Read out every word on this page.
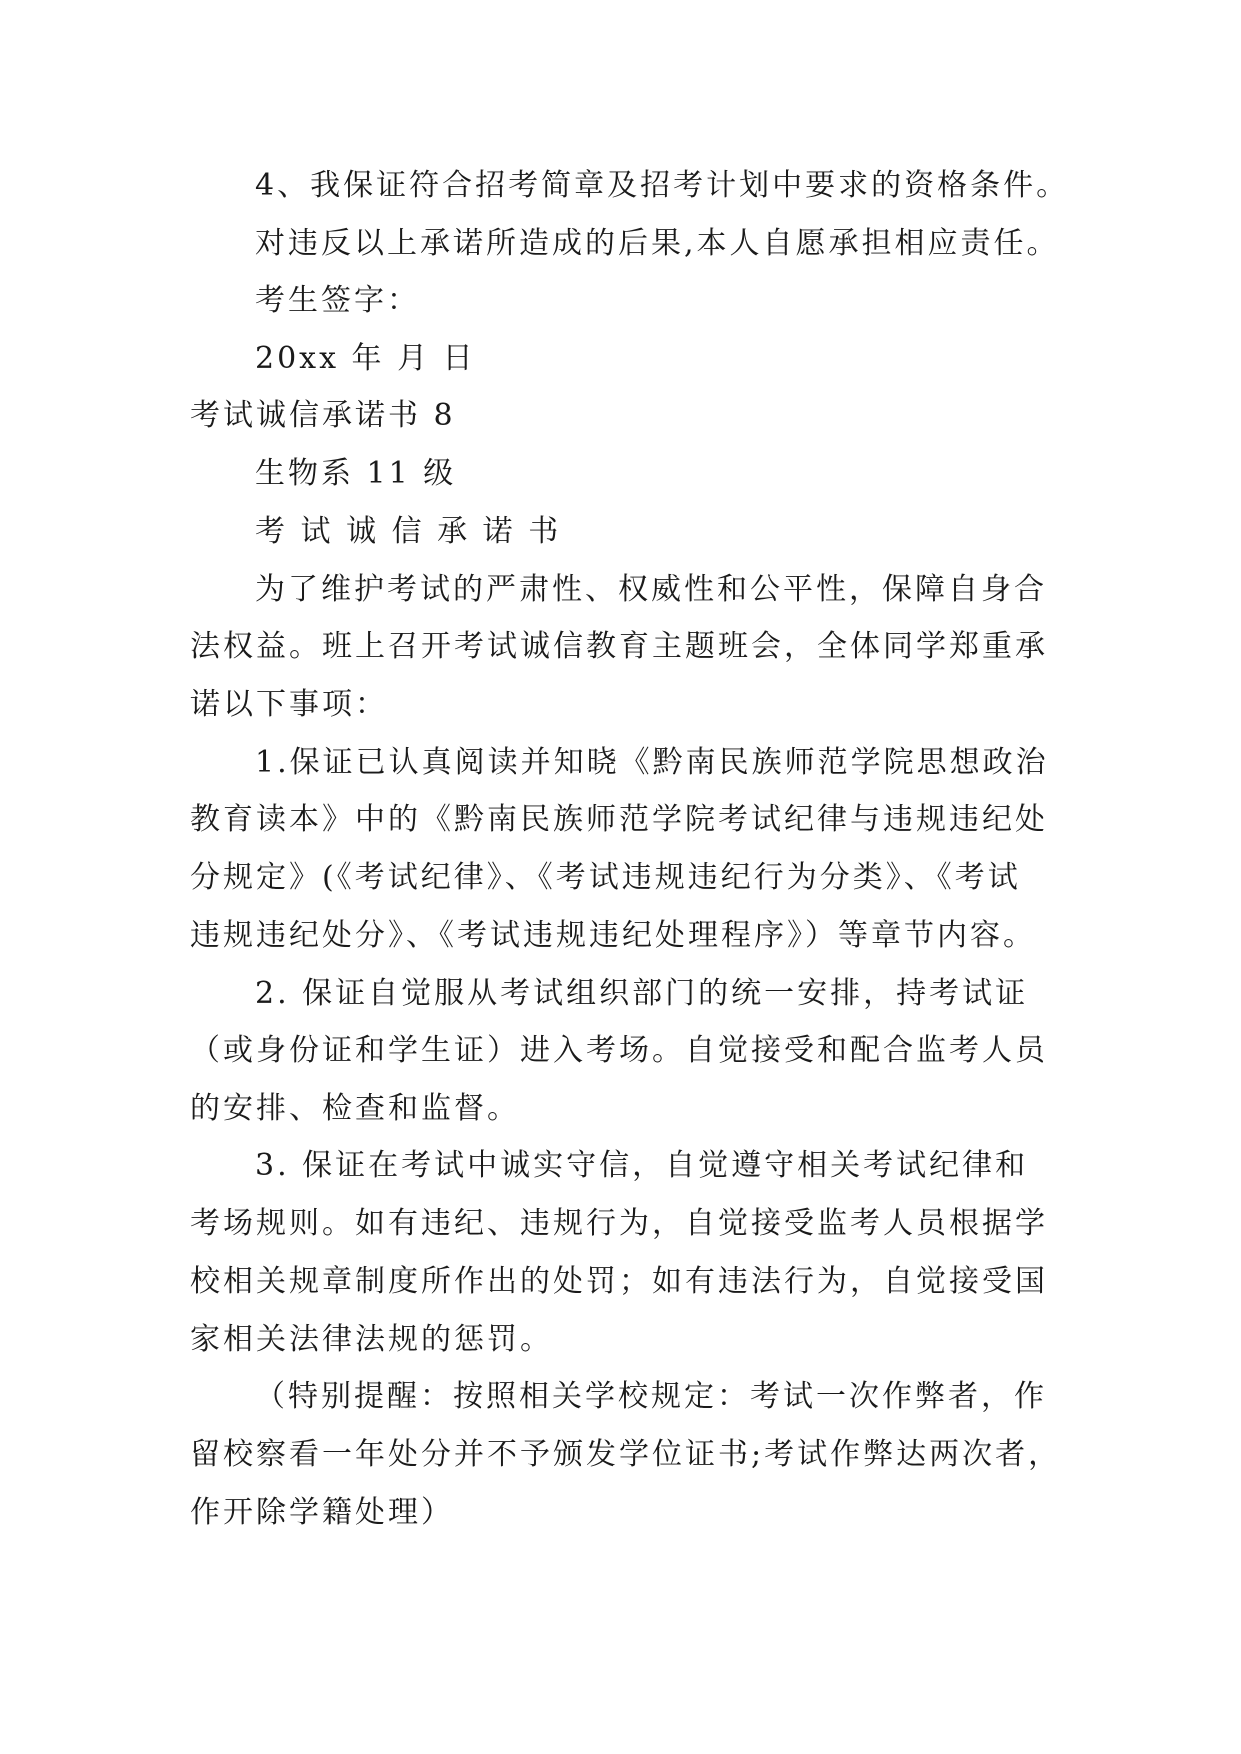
4、我保证符合招考简章及招考计划中要求的资格条件。
对违反以上承诺所造成的后果,本人自愿承担相应责任。
考生签字：
20xx 年 月 日
考试诚信承诺书 8
生物系 11 级
考 试 诚 信 承 诺 书
为了维护考试的严肃性、权威性和公平性，保障自身合
法权益。班上召开考试诚信教育主题班会，全体同学郑重承
诺以下事项：
1.保证已认真阅读并知晓《黔南民族师范学院思想政治
教育读本》中的《黔南民族师范学院考试纪律与违规违纪处
分规定》(《考试纪律》、《考试违规违纪行为分类》、《考试
违规违纪处分》、《考试违规违纪处理程序》）等章节内容。
2. 保证自觉服从考试组织部门的统一安排，持考试证
（或身份证和学生证）进入考场。自觉接受和配合监考人员
的安排、检查和监督。
3. 保证在考试中诚实守信，自觉遵守相关考试纪律和
考场规则。如有违纪、违规行为，自觉接受监考人员根据学
校相关规章制度所作出的处罚；如有违法行为，自觉接受国
家相关法律法规的惩罚。
（特别提醒：按照相关学校规定：考试一次作弊者，作
留校察看一年处分并不予颁发学位证书;考试作弊达两次者，
作开除学籍处理）
